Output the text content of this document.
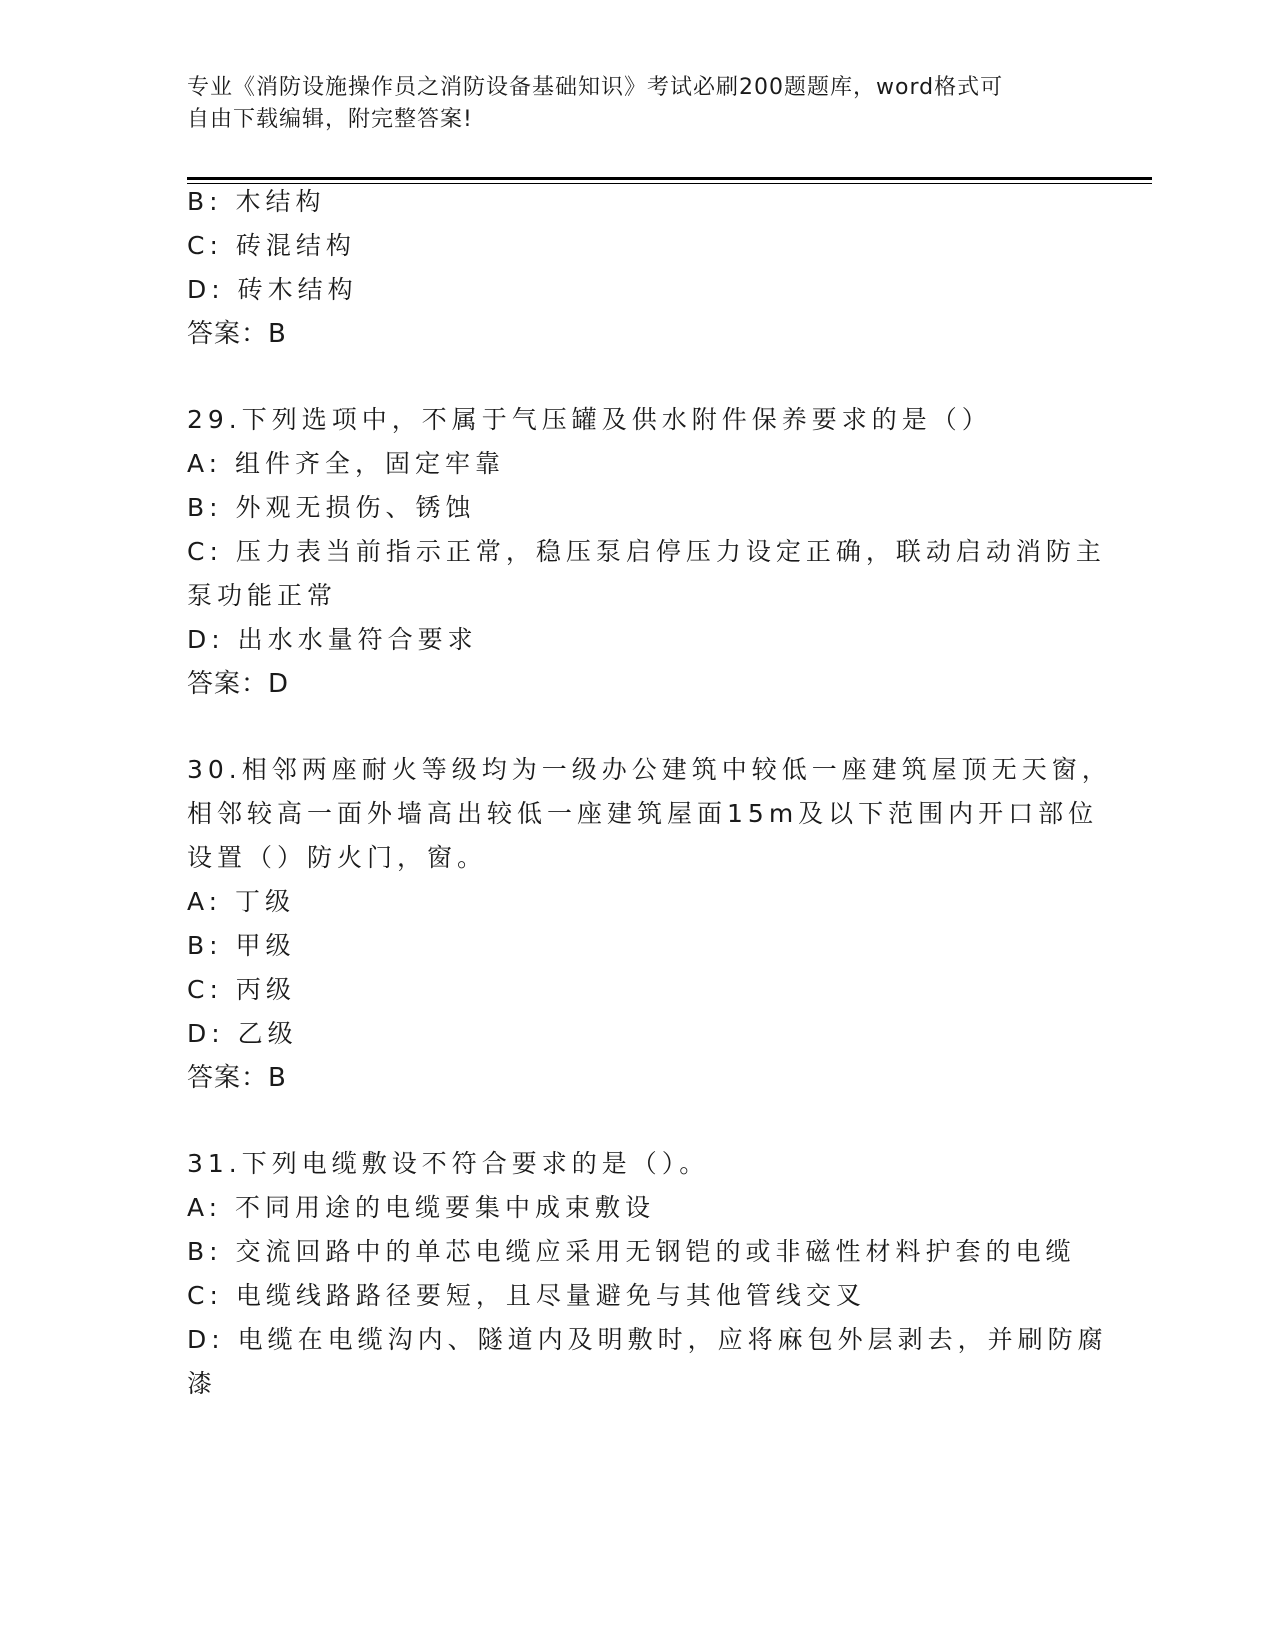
专业《消防设施操作员之消防设备基础知识》考试必刷200题题库，word格式可
自由下载编辑，附完整答案!
B: 木结构
C: 砖混结构
D: 砖木结构
答案：B
29.下列选项中，不属于气压罐及供水附件保养要求的是（）
A: 组件齐全，固定牢靠
B: 外观无损伤、锈蚀
C: 压力表当前指示正常，稳压泵启停压力设定正确，联动启动消防主
泵功能正常
D: 出水水量符合要求
答案：D
30.相邻两座耐火等级均为一级办公建筑中较低一座建筑屋顶无天窗，
相邻较高一面外墙高出较低一座建筑屋面15m及以下范围内开口部位
设置（）防火门，窗。
A: 丁级
B: 甲级
C: 丙级
D: 乙级
答案：B
31.下列电缆敷设不符合要求的是（）。
A: 不同用途的电缆要集中成束敷设
B: 交流回路中的单芯电缆应采用无钢铠的或非磁性材料护套的电缆
C: 电缆线路路径要短，且尽量避免与其他管线交叉
D: 电缆在电缆沟内、隧道内及明敷时，应将麻包外层剥去，并刷防腐
漆
